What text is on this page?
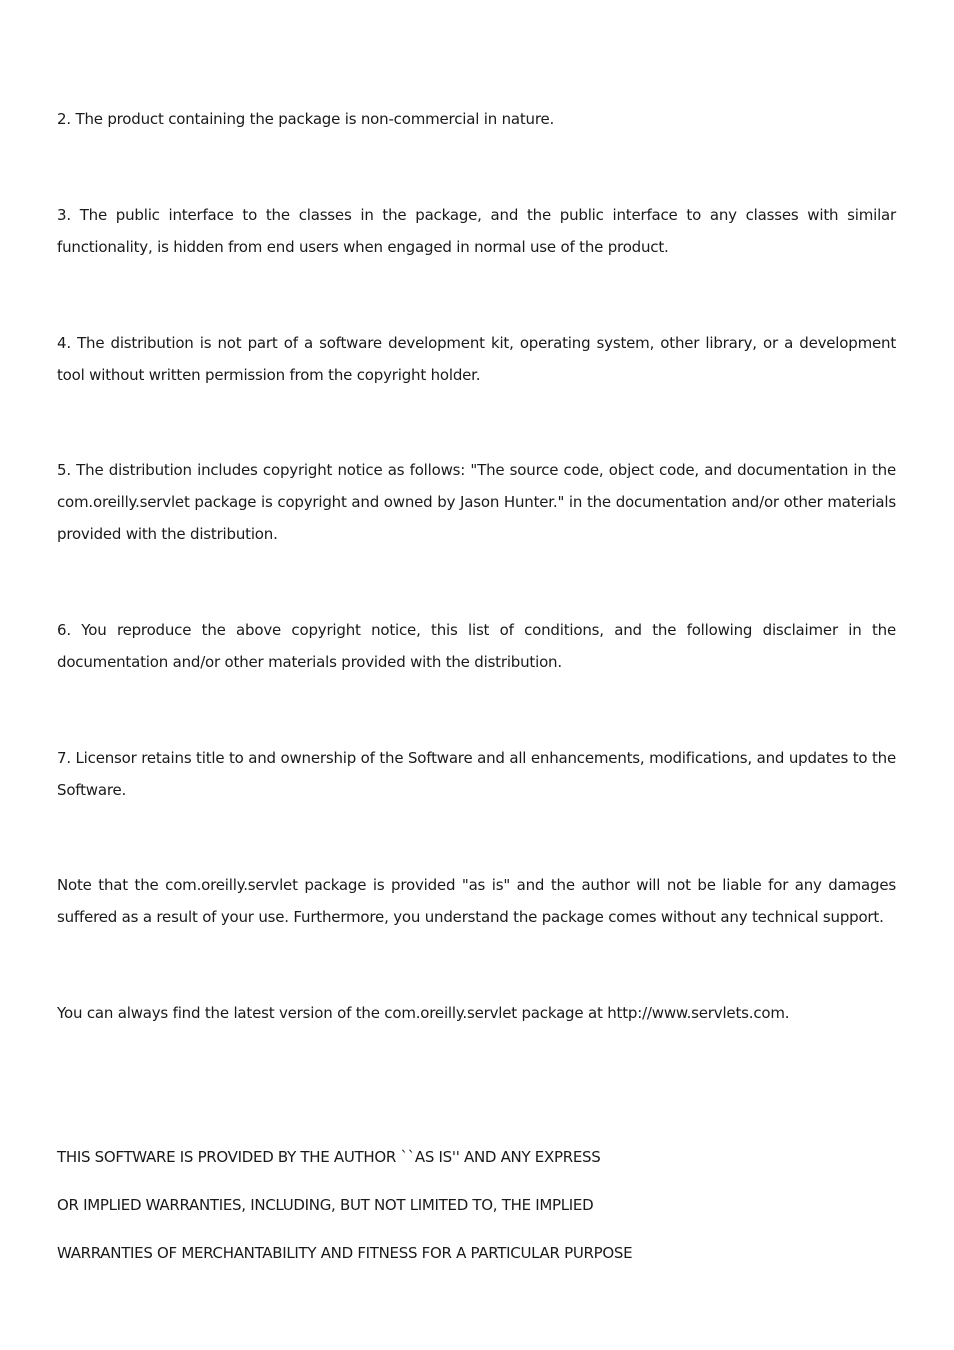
2. The product containing the package is non-commercial in nature.

3. The public interface to the classes in the package, and the public interface to any classes with similar functionality, is hidden from end users when engaged in normal use of the product.

4. The distribution is not part of a software development kit, operating system, other library, or a development tool without written permission from the copyright holder.

5. The distribution includes copyright notice as follows: "The source code, object code, and documentation in the com.oreilly.servlet package is copyright and owned by Jason Hunter." in the documentation and/or other materials provided with the distribution.

6. You reproduce the above copyright notice, this list of conditions, and the following disclaimer in the documentation and/or other materials provided with the distribution.

7. Licensor retains title to and ownership of the Software and all enhancements, modifications, and updates to the Software.

Note that the com.oreilly.servlet package is provided "as is" and the author will not be liable for any damages suffered as a result of your use. Furthermore, you understand the package comes without any technical support.

You can always find the latest version of the com.oreilly.servlet package at http://www.servlets.com.

THIS SOFTWARE IS PROVIDED BY THE AUTHOR ``AS IS'' AND ANY EXPRESS

OR IMPLIED WARRANTIES, INCLUDING, BUT NOT LIMITED TO, THE IMPLIED

WARRANTIES OF MERCHANTABILITY AND FITNESS FOR A PARTICULAR PURPOSE
